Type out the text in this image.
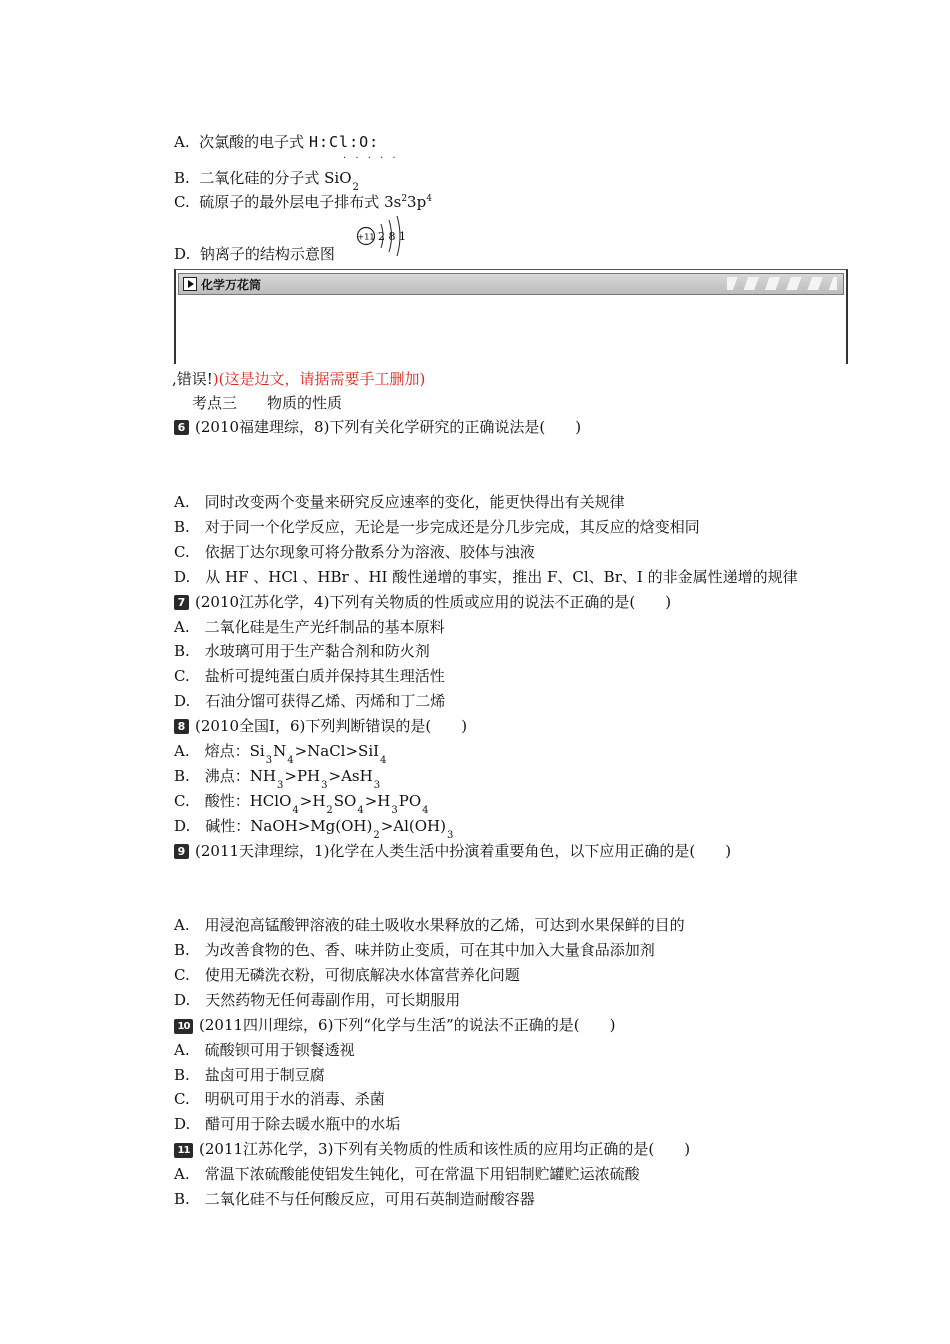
A. 次氯酸的电子式 H:Cl:O:
. . . . .
B. 二氧化硅的分子式 SiO$_2$
C. 硫原子的最外层电子排布式 $3s^23p^4$
D. 钠离子的结构示意图
+11 2 8 1
化学万花筒
,错误!)(这是边文，请据需要手工删加)
考点三　　物质的性质
6 (2010福建理综，8)下列有关化学研究的正确说法是(　　)
A.　同时改变两个变量来研究反应速率的变化，能更快得出有关规律
B.　对于同一个化学反应，无论是一步完成还是分几步完成，其反应的焓变相同
C.　依据丁达尔现象可将分散系分为溶液、胶体与浊液
D.　从 HF 、HCl 、HBr 、HI 酸性递增的事实，推出 F、Cl、Br、I 的非金属性递增的规律
7 (2010江苏化学，4)下列有关物质的性质或应用的说法不正确的是(　　)
A.　二氧化硅是生产光纤制品的基本原料
B.　水玻璃可用于生产黏合剂和防火剂
C.　盐析可提纯蛋白质并保持其生理活性
D.　石油分馏可获得乙烯、丙烯和丁二烯
8 (2010全国Ⅰ，6)下列判断错误的是(　　)
A.　熔点：$Si_3N_4>NaCl>SiI_4$
B.　沸点：$NH_3>PH_3>AsH_3$
C.　酸性：$HClO_4>H_2SO_4>H_3PO_4$
D.　碱性：$NaOH>Mg(OH)_2>Al(OH)_3$
9 (2011天津理综，1)化学在人类生活中扮演着重要角色，以下应用正确的是(　　)
A.　用浸泡高锰酸钾溶液的硅土吸收水果释放的乙烯，可达到水果保鲜的目的
B.　为改善食物的色、香、味并防止变质，可在其中加入大量食品添加剂
C.　使用无磷洗衣粉，可彻底解决水体富营养化问题
D.　天然药物无任何毒副作用，可长期服用
10 (2011四川理综，6)下列“化学与生活”的说法不正确的是(　　)
A.　硫酸钡可用于钡餐透视
B.　盐卤可用于制豆腐
C.　明矾可用于水的消毒、杀菌
D.　醋可用于除去暖水瓶中的水垢
11 (2011江苏化学，3)下列有关物质的性质和该性质的应用均正确的是(　　)
A.　常温下浓硫酸能使铝发生钝化，可在常温下用铝制贮罐贮运浓硫酸
B.　二氧化硅不与任何酸反应，可用石英制造耐酸容器
